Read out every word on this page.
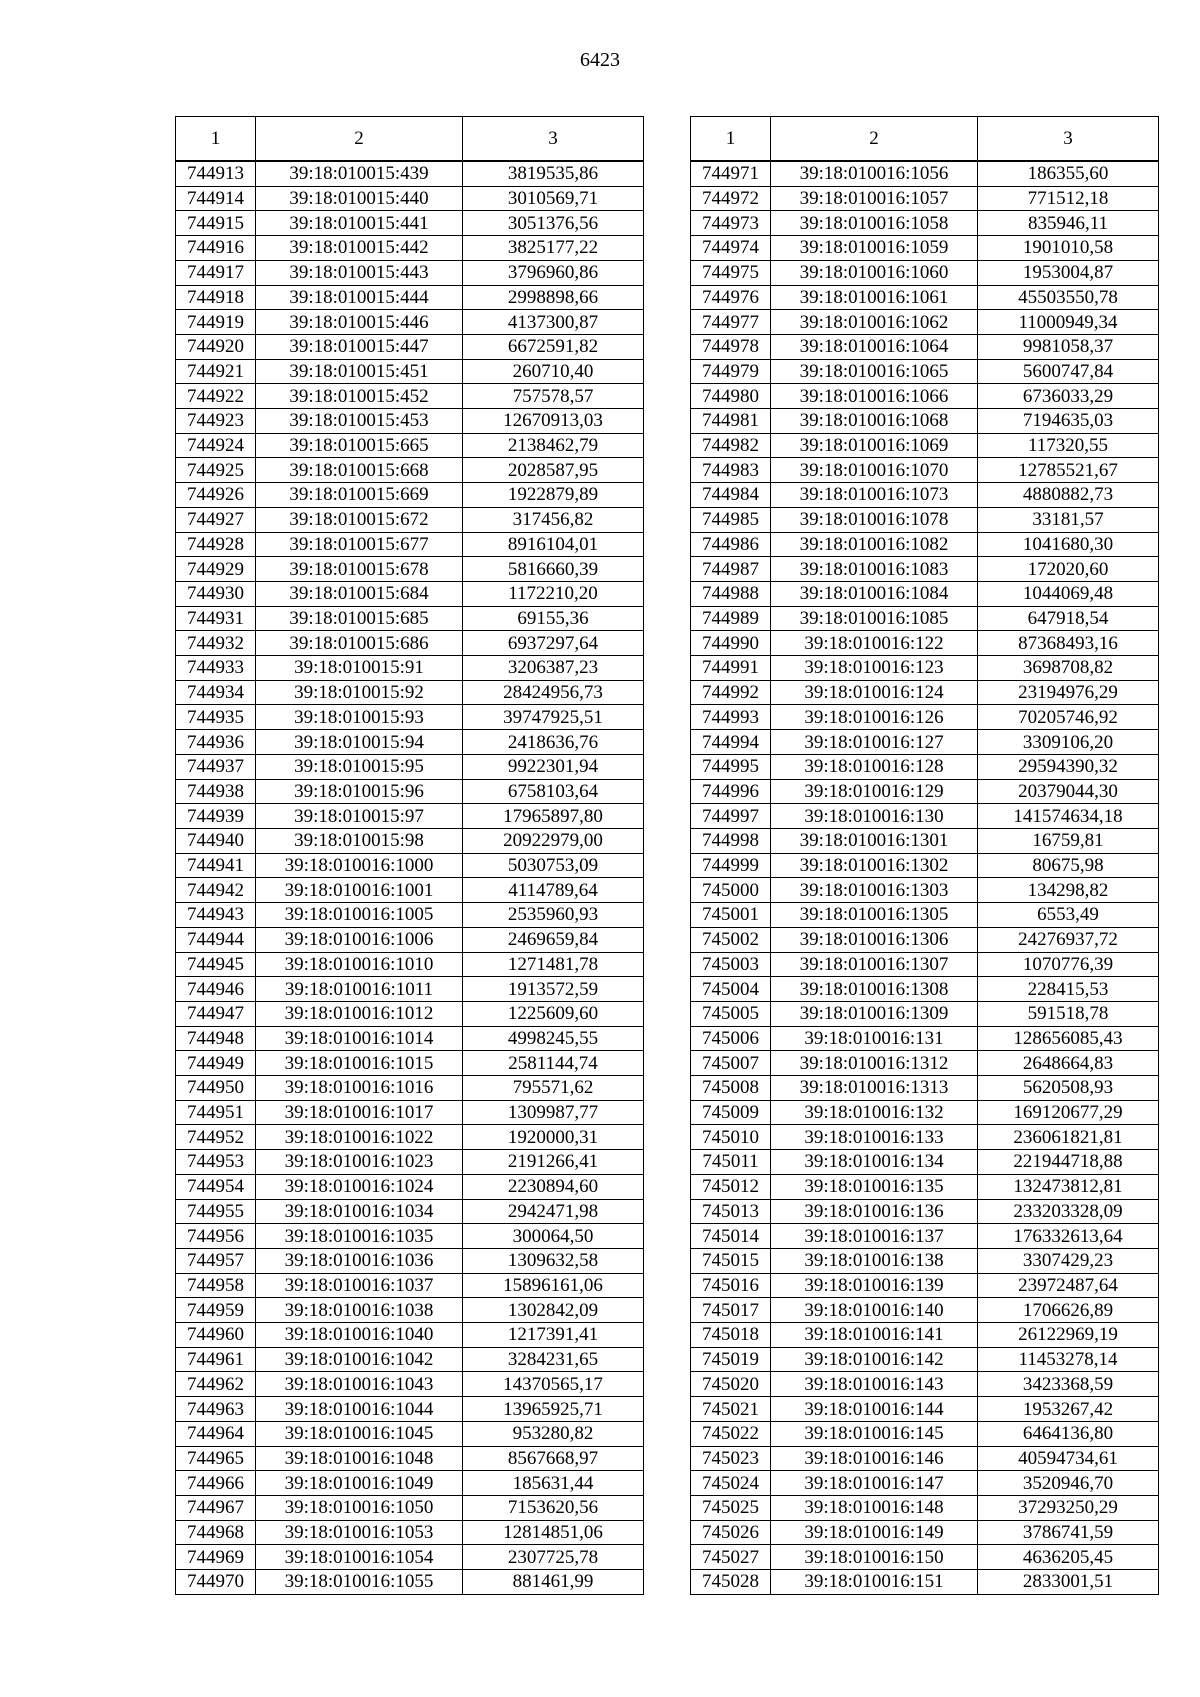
6423
1	2	3
744913	39:18:010015:439	3819535,86
744914	39:18:010015:440	3010569,71
744915	39:18:010015:441	3051376,56
744916	39:18:010015:442	3825177,22
744917	39:18:010015:443	3796960,86
744918	39:18:010015:444	2998898,66
744919	39:18:010015:446	4137300,87
744920	39:18:010015:447	6672591,82
744921	39:18:010015:451	260710,40
744922	39:18:010015:452	757578,57
744923	39:18:010015:453	12670913,03
744924	39:18:010015:665	2138462,79
744925	39:18:010015:668	2028587,95
744926	39:18:010015:669	1922879,89
744927	39:18:010015:672	317456,82
744928	39:18:010015:677	8916104,01
744929	39:18:010015:678	5816660,39
744930	39:18:010015:684	1172210,20
744931	39:18:010015:685	69155,36
744932	39:18:010015:686	6937297,64
744933	39:18:010015:91	3206387,23
744934	39:18:010015:92	28424956,73
744935	39:18:010015:93	39747925,51
744936	39:18:010015:94	2418636,76
744937	39:18:010015:95	9922301,94
744938	39:18:010015:96	6758103,64
744939	39:18:010015:97	17965897,80
744940	39:18:010015:98	20922979,00
744941	39:18:010016:1000	5030753,09
744942	39:18:010016:1001	4114789,64
744943	39:18:010016:1005	2535960,93
744944	39:18:010016:1006	2469659,84
744945	39:18:010016:1010	1271481,78
744946	39:18:010016:1011	1913572,59
744947	39:18:010016:1012	1225609,60
744948	39:18:010016:1014	4998245,55
744949	39:18:010016:1015	2581144,74
744950	39:18:010016:1016	795571,62
744951	39:18:010016:1017	1309987,77
744952	39:18:010016:1022	1920000,31
744953	39:18:010016:1023	2191266,41
744954	39:18:010016:1024	2230894,60
744955	39:18:010016:1034	2942471,98
744956	39:18:010016:1035	300064,50
744957	39:18:010016:1036	1309632,58
744958	39:18:010016:1037	15896161,06
744959	39:18:010016:1038	1302842,09
744960	39:18:010016:1040	1217391,41
744961	39:18:010016:1042	3284231,65
744962	39:18:010016:1043	14370565,17
744963	39:18:010016:1044	13965925,71
744964	39:18:010016:1045	953280,82
744965	39:18:010016:1048	8567668,97
744966	39:18:010016:1049	185631,44
744967	39:18:010016:1050	7153620,56
744968	39:18:010016:1053	12814851,06
744969	39:18:010016:1054	2307725,78
744970	39:18:010016:1055	881461,99
1	2	3
744971	39:18:010016:1056	186355,60
744972	39:18:010016:1057	771512,18
744973	39:18:010016:1058	835946,11
744974	39:18:010016:1059	1901010,58
744975	39:18:010016:1060	1953004,87
744976	39:18:010016:1061	45503550,78
744977	39:18:010016:1062	11000949,34
744978	39:18:010016:1064	9981058,37
744979	39:18:010016:1065	5600747,84
744980	39:18:010016:1066	6736033,29
744981	39:18:010016:1068	7194635,03
744982	39:18:010016:1069	117320,55
744983	39:18:010016:1070	12785521,67
744984	39:18:010016:1073	4880882,73
744985	39:18:010016:1078	33181,57
744986	39:18:010016:1082	1041680,30
744987	39:18:010016:1083	172020,60
744988	39:18:010016:1084	1044069,48
744989	39:18:010016:1085	647918,54
744990	39:18:010016:122	87368493,16
744991	39:18:010016:123	3698708,82
744992	39:18:010016:124	23194976,29
744993	39:18:010016:126	70205746,92
744994	39:18:010016:127	3309106,20
744995	39:18:010016:128	29594390,32
744996	39:18:010016:129	20379044,30
744997	39:18:010016:130	141574634,18
744998	39:18:010016:1301	16759,81
744999	39:18:010016:1302	80675,98
745000	39:18:010016:1303	134298,82
745001	39:18:010016:1305	6553,49
745002	39:18:010016:1306	24276937,72
745003	39:18:010016:1307	1070776,39
745004	39:18:010016:1308	228415,53
745005	39:18:010016:1309	591518,78
745006	39:18:010016:131	128656085,43
745007	39:18:010016:1312	2648664,83
745008	39:18:010016:1313	5620508,93
745009	39:18:010016:132	169120677,29
745010	39:18:010016:133	236061821,81
745011	39:18:010016:134	221944718,88
745012	39:18:010016:135	132473812,81
745013	39:18:010016:136	233203328,09
745014	39:18:010016:137	176332613,64
745015	39:18:010016:138	3307429,23
745016	39:18:010016:139	23972487,64
745017	39:18:010016:140	1706626,89
745018	39:18:010016:141	26122969,19
745019	39:18:010016:142	11453278,14
745020	39:18:010016:143	3423368,59
745021	39:18:010016:144	1953267,42
745022	39:18:010016:145	6464136,80
745023	39:18:010016:146	40594734,61
745024	39:18:010016:147	3520946,70
745025	39:18:010016:148	37293250,29
745026	39:18:010016:149	3786741,59
745027	39:18:010016:150	4636205,45
745028	39:18:010016:151	2833001,51
